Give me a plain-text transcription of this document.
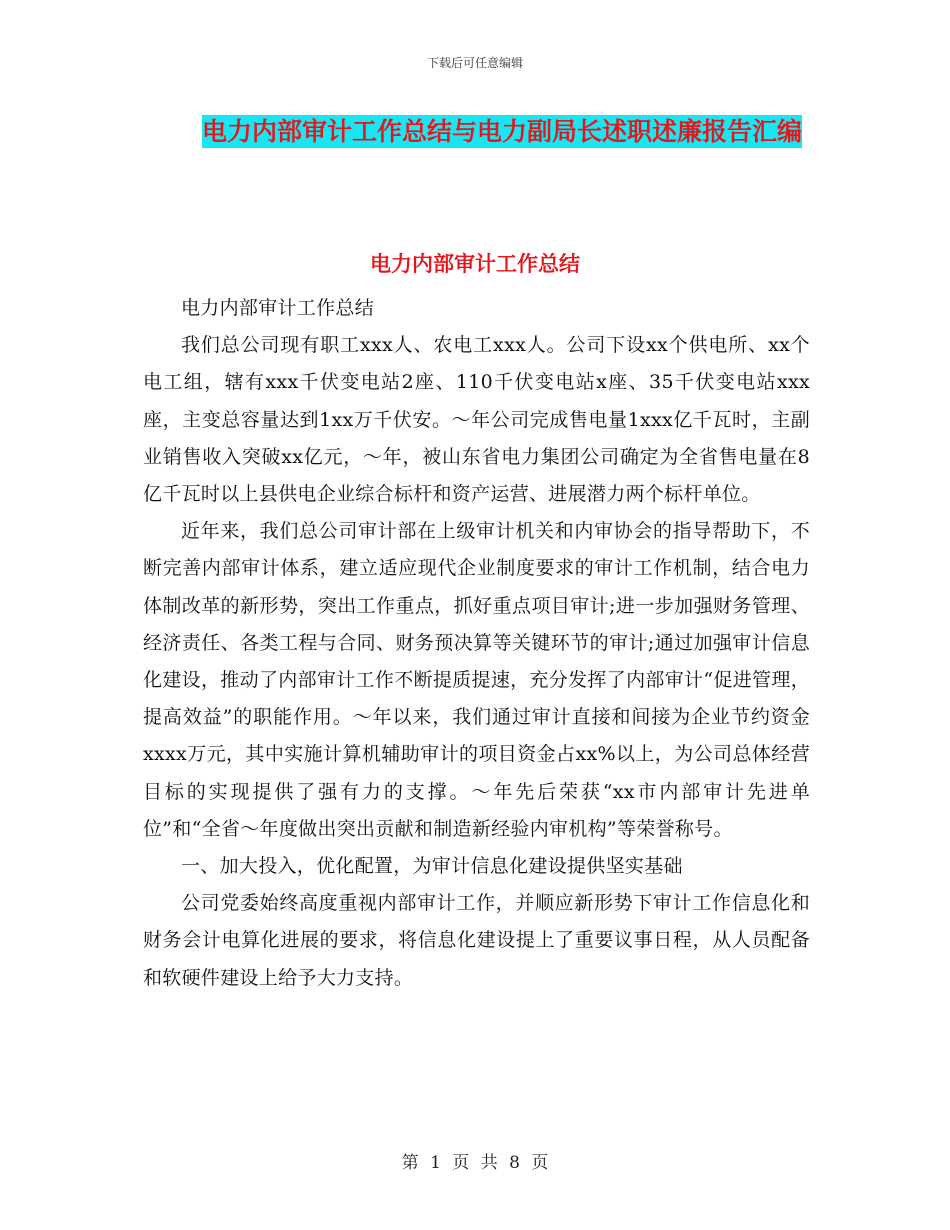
下载后可任意编辑
电力内部审计工作总结与电力副局长述职述廉报告汇编
电力内部审计工作总结

电力内部审计工作总结

我们总公司现有职工xxx人、农电工xxx人。公司下设xx个供电所、xx个电工组，辖有xxx千伏变电站2座、110千伏变电站x座、35千伏变电站xxx座，主变总容量达到1xx万千伏安。～年公司完成售电量1xxx亿千瓦时，主副业销售收入突破xx亿元，～年，被山东省电力集团公司确定为全省售电量在8亿千瓦时以上县供电企业综合标杆和资产运营、进展潜力两个标杆单位。

近年来，我们总公司审计部在上级审计机关和内审协会的指导帮助下，不断完善内部审计体系，建立适应现代企业制度要求的审计工作机制，结合电力体制改革的新形势，突出工作重点，抓好重点项目审计;进一步加强财务管理、经济责任、各类工程与合同、财务预决算等关键环节的审计;通过加强审计信息化建设，推动了内部审计工作不断提质提速，充分发挥了内部审计“促进管理，提高效益”的职能作用。～年以来，我们通过审计直接和间接为企业节约资金xxxx万元，其中实施计算机辅助审计的项目资金占xx%以上，为公司总体经营目标的实现提供了强有力的支撑。～年先后荣获“xx市内部审计先进单位”和“全省～年度做出突出贡献和制造新经验内审机构”等荣誉称号。

一、加大投入，优化配置，为审计信息化建设提供坚实基础

公司党委始终高度重视内部审计工作，并顺应新形势下审计工作信息化和财务会计电算化进展的要求，将信息化建设提上了重要议事日程，从人员配备和软硬件建设上给予大力支持。

第 1 页 共 8 页
